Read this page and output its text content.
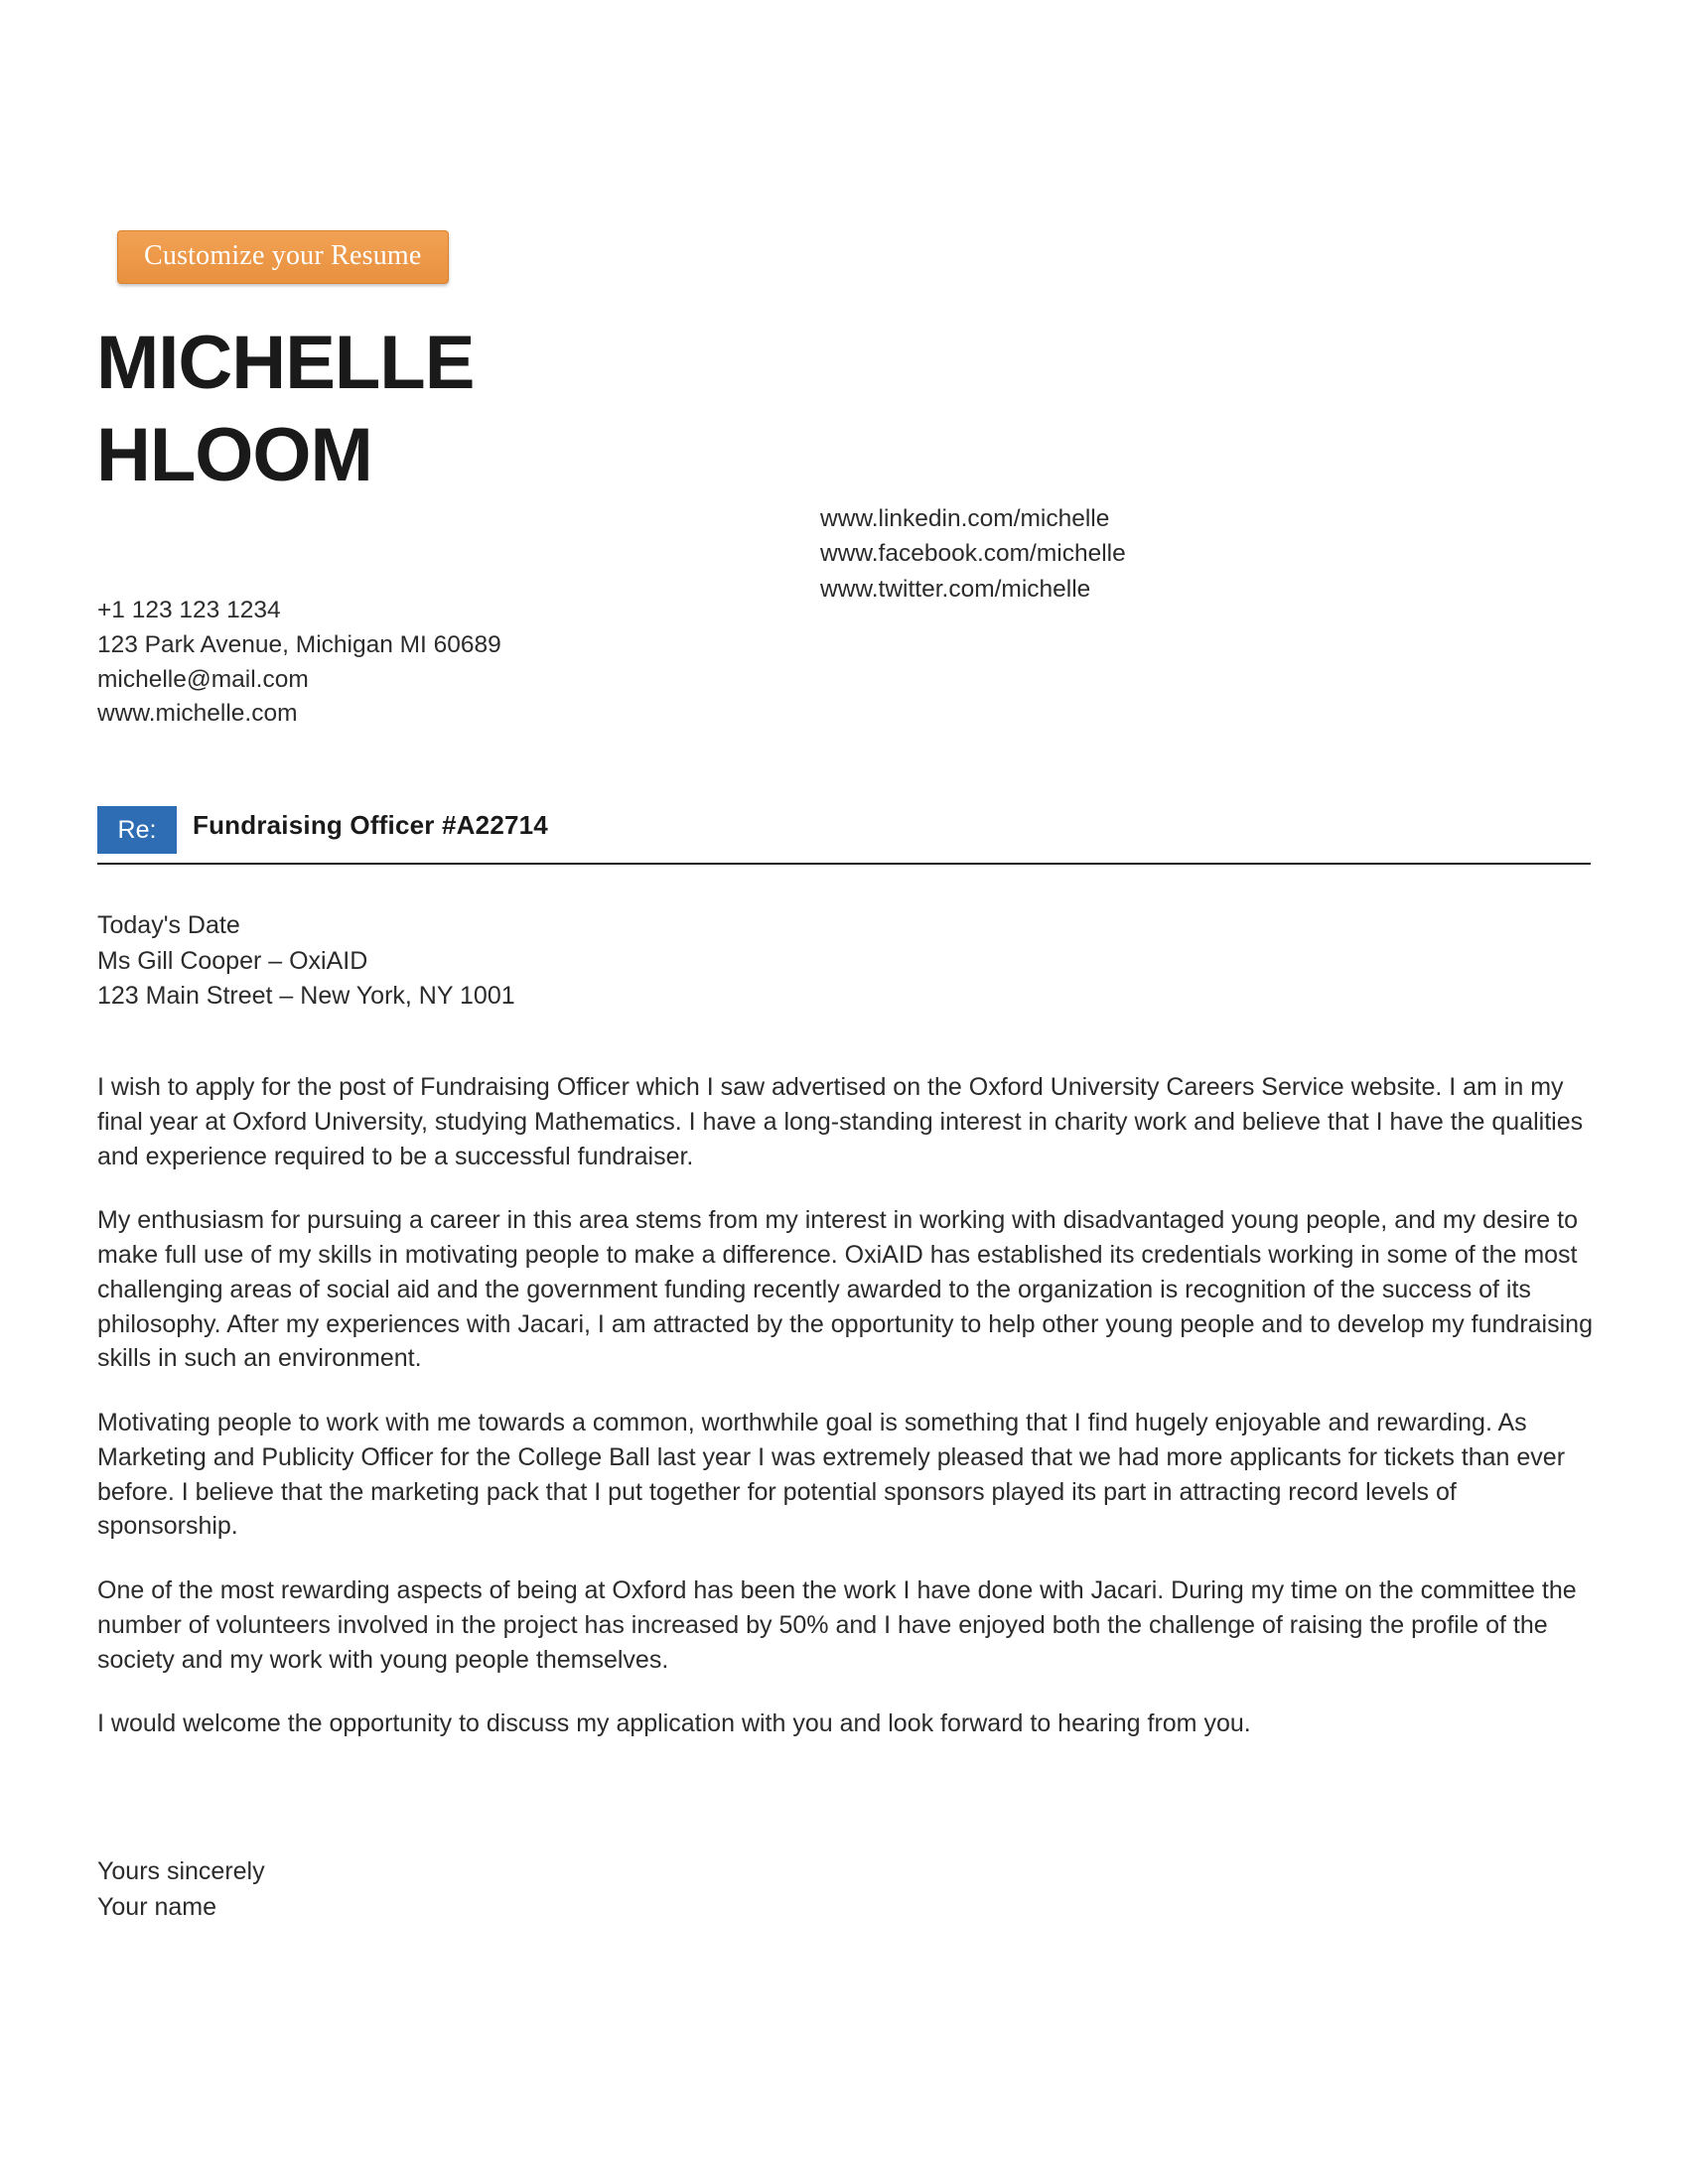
Customize your Resume
MICHELLE
HLOOM
+1 123 123 1234
123 Park Avenue, Michigan MI 60689
michelle@mail.com
www.michelle.com
www.linkedin.com/michelle
www.facebook.com/michelle
www.twitter.com/michelle
Re:	Fundraising Officer #A22714
Today's Date
Ms Gill Cooper – OxiAID
123 Main Street – New York, NY 1001

I wish to apply for the post of Fundraising Officer which I saw advertised on the Oxford University Careers Service website. I am in my final year at Oxford University, studying Mathematics. I have a long-standing interest in charity work and believe that I have the qualities and experience required to be a successful fundraiser.

My enthusiasm for pursuing a career in this area stems from my interest in working with disadvantaged young people, and my desire to make full use of my skills in motivating people to make a difference. OxiAID has established its credentials working in some of the most challenging areas of social aid and the government funding recently awarded to the organization is recognition of the success of its philosophy. After my experiences with Jacari, I am attracted by the opportunity to help other young people and to develop my fundraising skills in such an environment.

Motivating people to work with me towards a common, worthwhile goal is something that I find hugely enjoyable and rewarding. As Marketing and Publicity Officer for the College Ball last year I was extremely pleased that we had more applicants for tickets than ever before. I believe that the marketing pack that I put together for potential sponsors played its part in attracting record levels of sponsorship.

One of the most rewarding aspects of being at Oxford has been the work I have done with Jacari. During my time on the committee the number of volunteers involved in the project has increased by 50% and I have enjoyed both the challenge of raising the profile of the society and my work with young people themselves.

I would welcome the opportunity to discuss my application with you and look forward to hearing from you.

Yours sincerely
Your name
